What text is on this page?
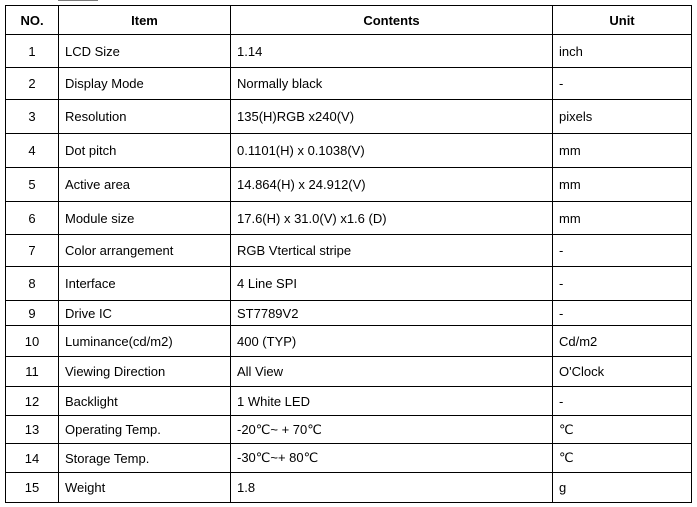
NO.	Item	Contents	Unit
1	LCD Size	1.14	inch
2	Display Mode	Normally black	-
3	Resolution	135(H)RGB x240(V)	pixels
4	Dot pitch	0.1101(H) x 0.1038(V)	mm
5	Active area	14.864(H) x 24.912(V)	mm
6	Module size	17.6(H) x 31.0(V) x1.6 (D)	mm
7	Color arrangement	RGB Vtertical stripe	-
8	Interface	4 Line SPI	-
9	Drive IC	ST7789V2	-
10	Luminance(cd/m2)	400 (TYP)	Cd/m2
11	Viewing Direction	All View	O'Clock
12	Backlight	1 White LED	-
13	Operating Temp.	-20℃~ + 70℃	℃
14	Storage Temp.	-30℃~+ 80℃	℃
15	Weight	1.8	g
